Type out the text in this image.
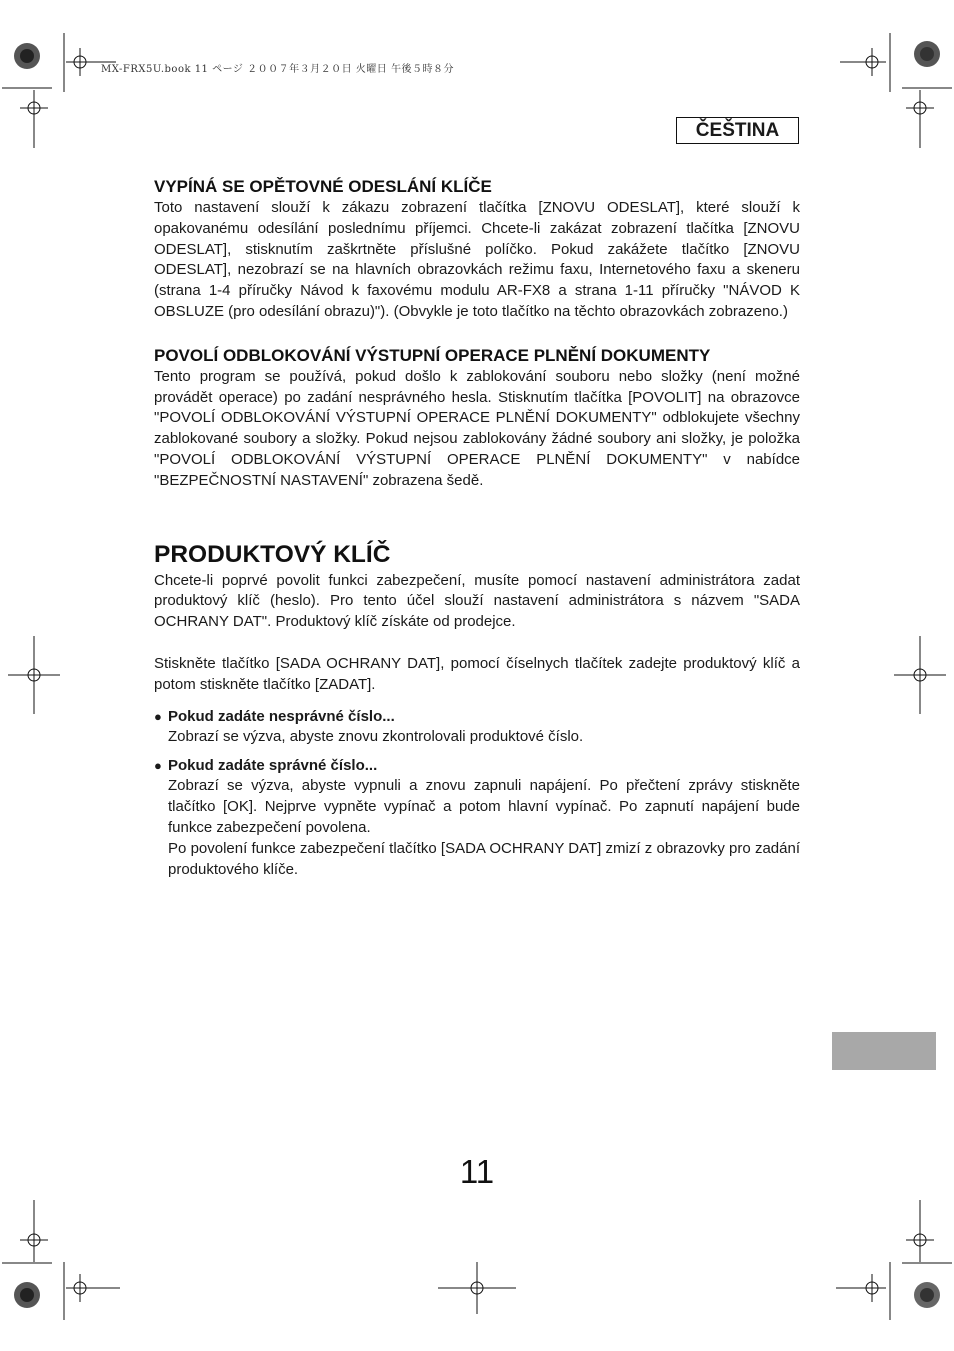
MX-FRX5U.book 11 ページ ２００７年３月２０日 火曜日 午後５時８分
ČEŠTINA
VYPÍNÁ SE OPĚTOVNÉ ODESLÁNÍ KLÍČE

Toto nastavení slouží k zákazu zobrazení tlačítka [ZNOVU ODESLAT], které slouží k opakovanému odesílání poslednímu příjemci. Chcete-li zakázat zobrazení tlačítka [ZNOVU ODESLAT], stisknutím zaškrtněte příslušné políčko. Pokud zakážete tlačítko [ZNOVU ODESLAT], nezobrazí se na hlavních obrazovkách režimu faxu, Internetového faxu a skeneru (strana 1-4 příručky Návod k faxovému modulu AR-FX8 a strana 1-11 příručky "NÁVOD K OBSLUZE (pro odesílání obrazu)"). (Obvykle je toto tlačítko na těchto obrazovkách zobrazeno.)

POVOLÍ ODBLOKOVÁNÍ VÝSTUPNÍ OPERACE PLNĚNÍ DOKUMENTY

Tento program se používá, pokud došlo k zablokování souboru nebo složky (není možné provádět operace) po zadání nesprávného hesla. Stisknutím tlačítka [POVOLIT] na obrazovce "POVOLÍ ODBLOKOVÁNÍ VÝSTUPNÍ OPERACE PLNĚNÍ DOKUMENTY" odblokujete všechny zablokované soubory a složky. Pokud nejsou zablokovány žádné soubory ani složky, je položka "POVOLÍ ODBLOKOVÁNÍ VÝSTUPNÍ OPERACE PLNĚNÍ DOKUMENTY" v nabídce "BEZPEČNOSTNÍ NASTAVENÍ" zobrazena šedě.

PRODUKTOVÝ KLÍČ

Chcete-li poprvé povolit funkci zabezpečení, musíte pomocí nastavení administrátora zadat produktový klíč (heslo). Pro tento účel slouží nastavení administrátora s názvem "SADA OCHRANY DAT". Produktový klíč získáte od prodejce.

Stiskněte tlačítko [SADA OCHRANY DAT], pomocí číselnych tlačítek zadejte produktový klíč a potom stiskněte tlačítko [ZADAT].

● Pokud zadáte nesprávné číslo...

Zobrazí se výzva, abyste znovu zkontrolovali produktové číslo.

● Pokud zadáte správné číslo...

Zobrazí se výzva, abyste vypnuli a znovu zapnuli napájení. Po přečtení zprávy stiskněte tlačítko [OK]. Nejprve vypněte vypínač a potom hlavní vypínač. Po zapnutí napájení bude funkce zabezpečení povolena.

Po povolení funkce zabezpečení tlačítko [SADA OCHRANY DAT] zmizí z obrazovky pro zadání produktového klíče.

11
